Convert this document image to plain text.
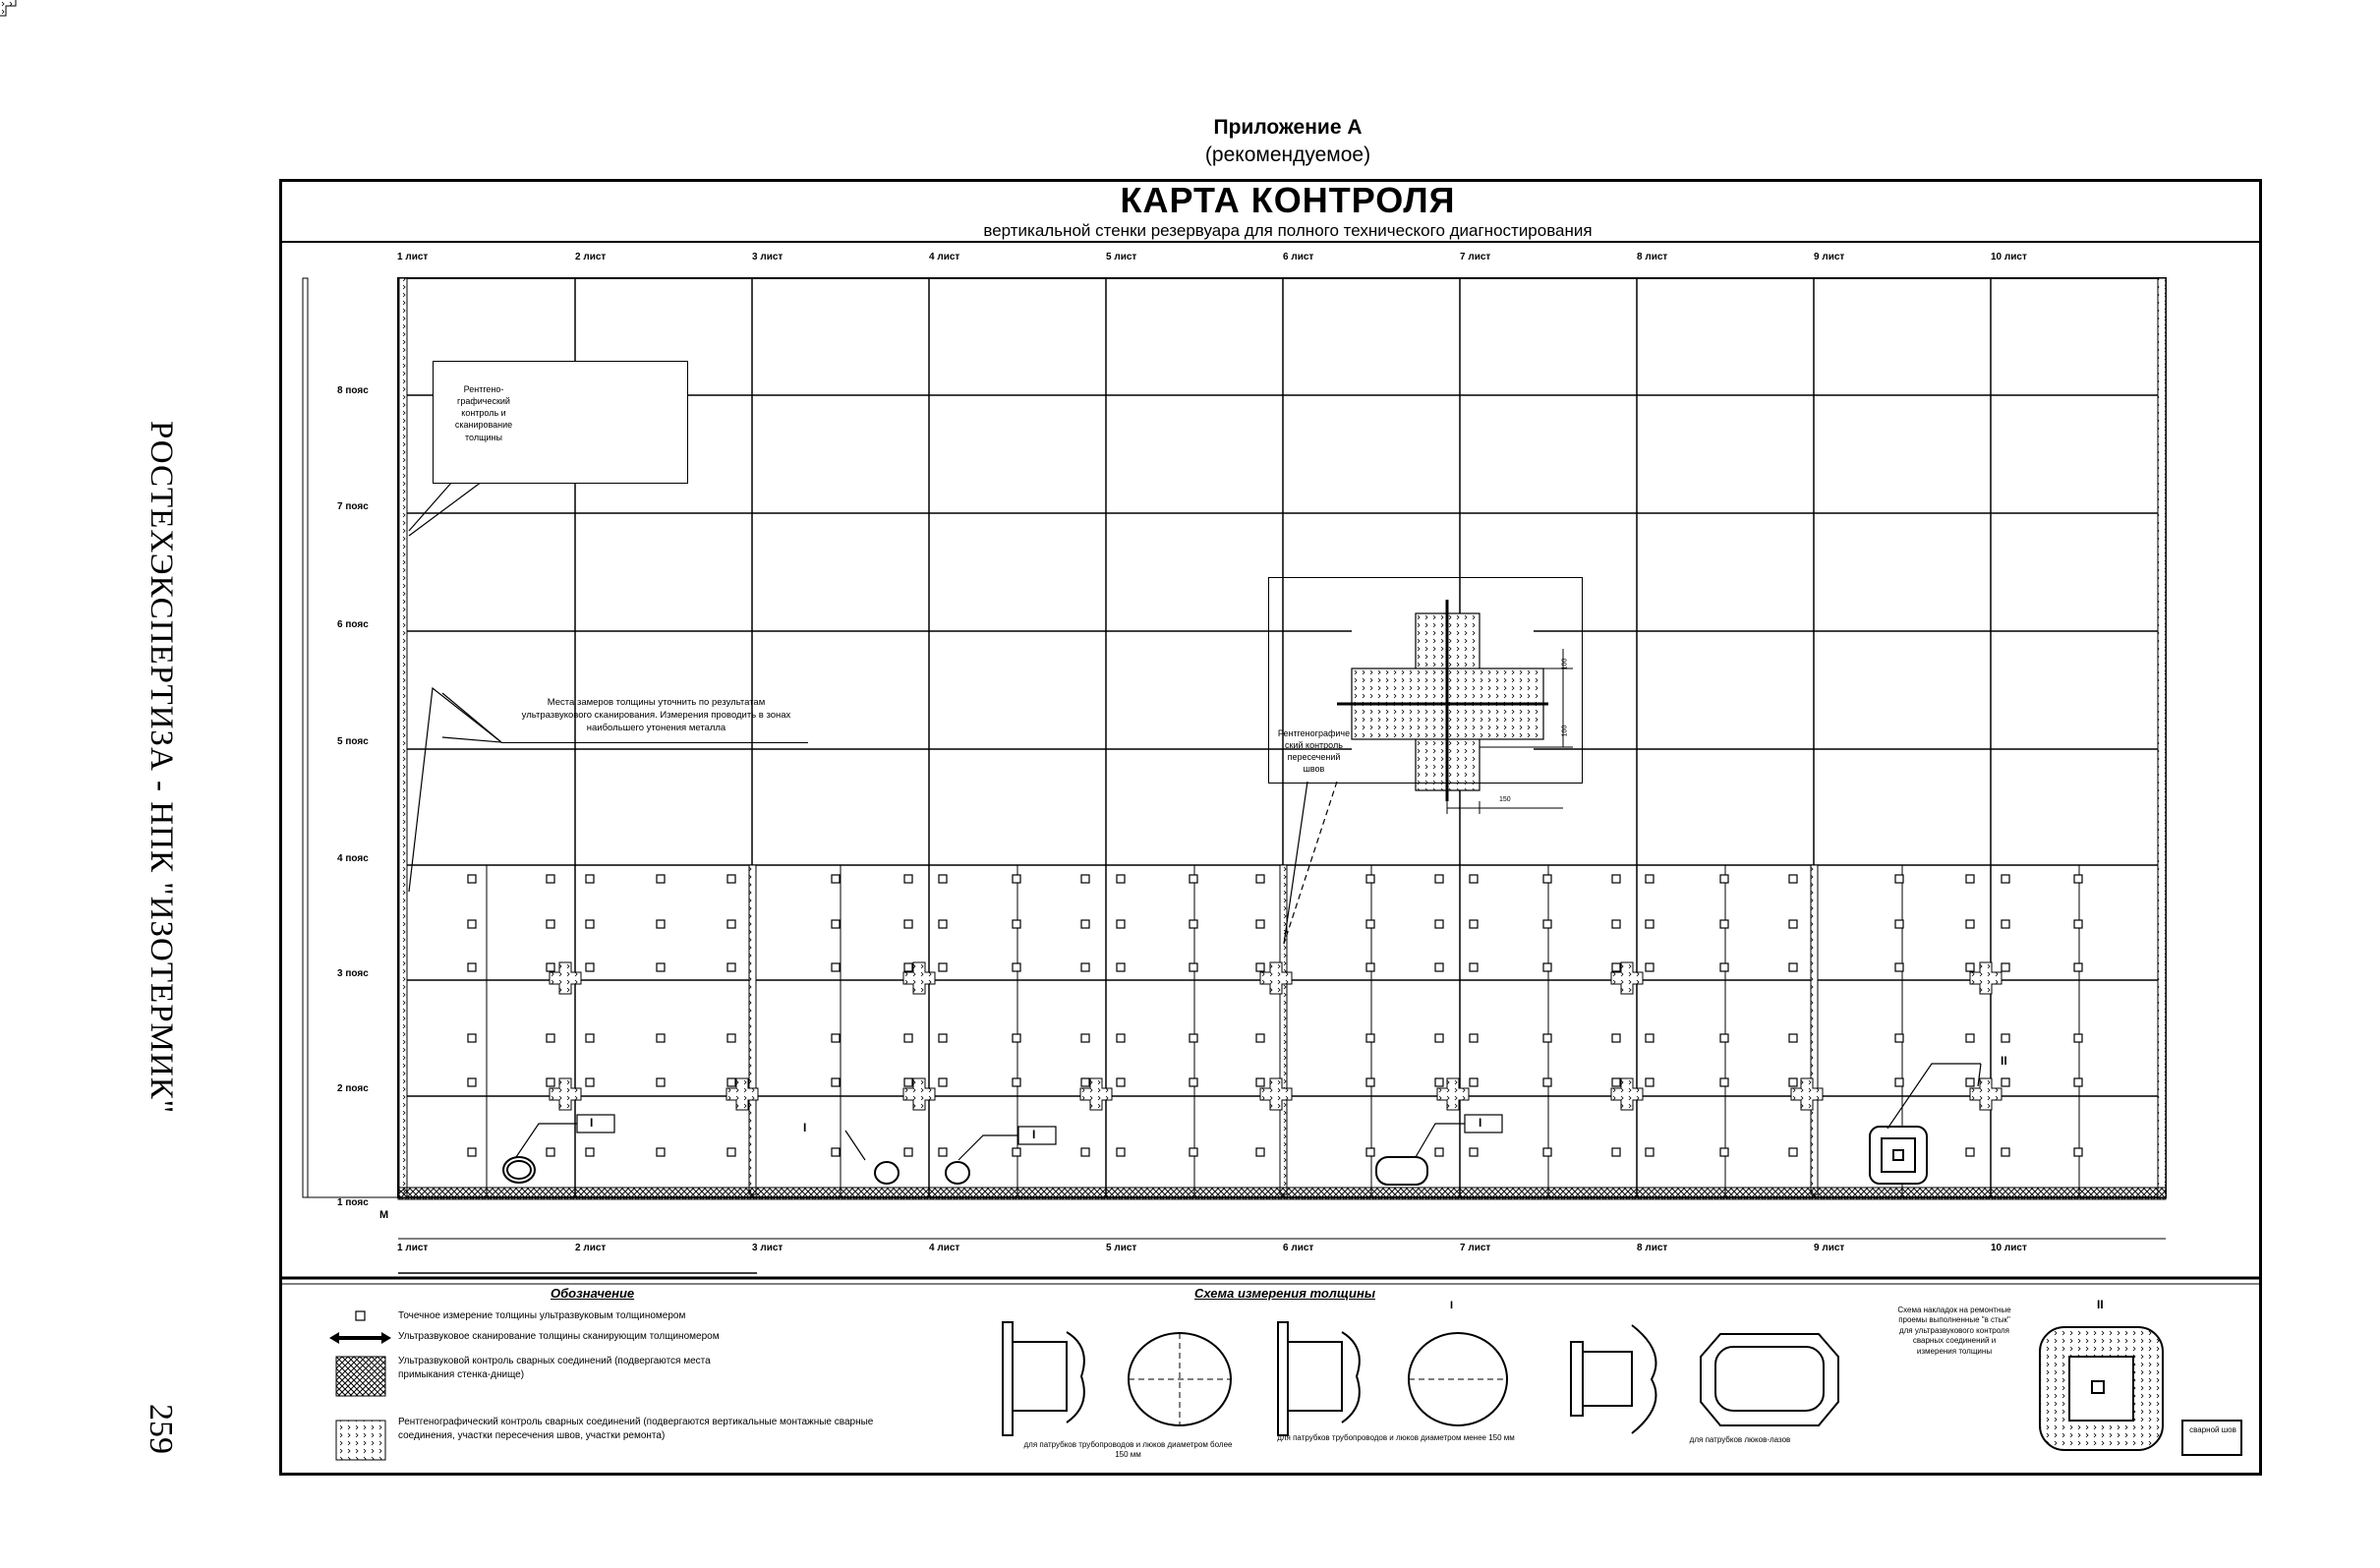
РОСТЕХЭКСПЕРТИЗА - НПК "ИЗОТЕРМИК"
259
Приложение А
(рекомендуемое)
КАРТА КОНТРОЛЯ
вертикальной стенки резервуара для полного технического диагностирования
1 лист	2 лист	3 лист	4 лист	5 лист	6 лист	7 лист	8 лист	9 лист	10 лист
1 лист	2 лист	3 лист	4 лист	5 лист	6 лист	7 лист	8 лист	9 лист	10 лист
8 пояс
7 пояс
6 пояс
5 пояс
4 пояс
3 пояс
2 пояс
1 пояс
М
I	I	I
I
II
I	II
Рентгено-графический контроль и сканирование толщины
Места замеров толщины уточнить по результатам ультразвукового сканирования. Измерения проводить в зонах наибольшего утонения металла
Рентгенографиче ский контроль пересечений швов
100
100
150
Обозначение
Точечное измерение толщины ультразвуковым толщиномером
Ультразвуковое сканирование толщины сканирующим толщиномером
Ультразвуковой контроль сварных соединений (подвергаются места примыкания стенка-днище)
Рентгенографический контроль сварных соединений (подвергаются вертикальные монтажные сварные соединения, участки пересечения швов, участки ремонта)
Схема измерения толщины
для патрубков трубопроводов и люков диаметром более 150 мм
для патрубков трубопроводов и люков диаметром менее 150 мм	для патрубков люков-лазов
Схема накладок на ремонтные проемы выполненные "в стык" для ультразвукового контроля сварных соединений и измерения толщины
сварной шов
